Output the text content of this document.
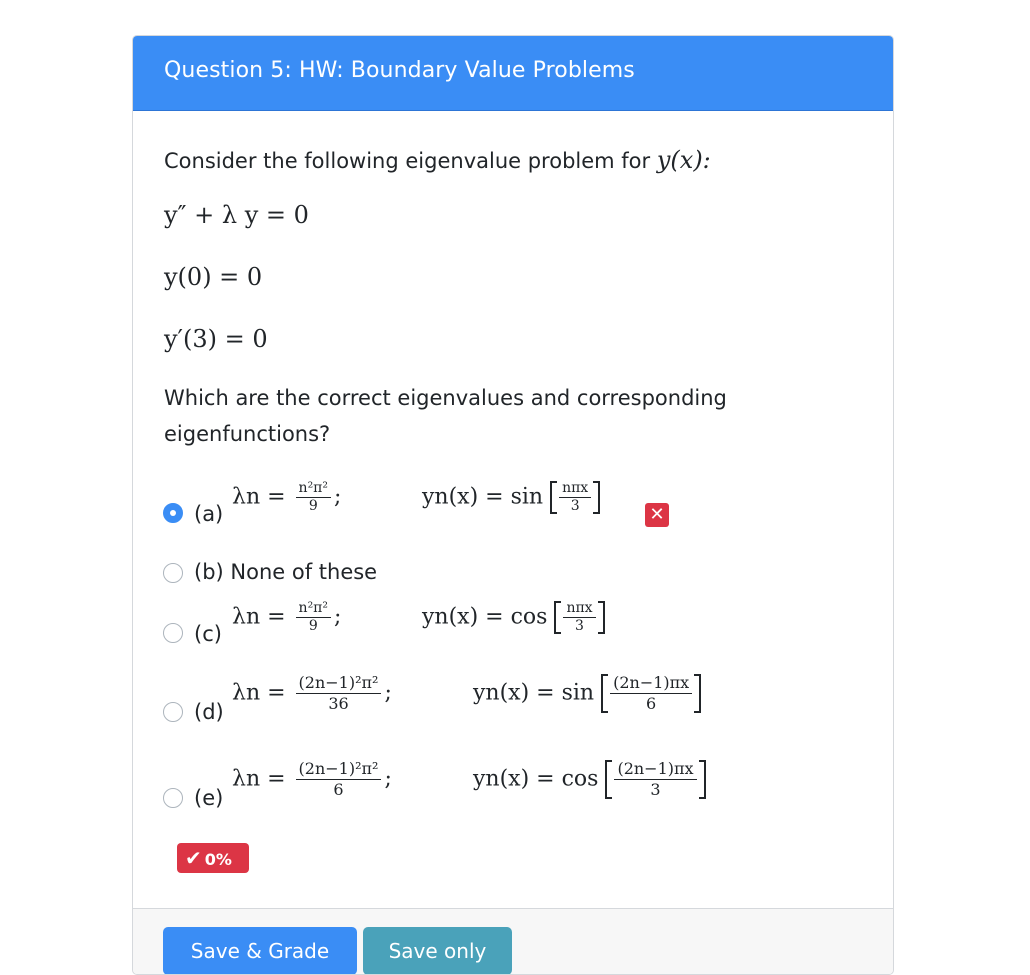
Question 5: HW: Boundary Value Problems
Consider the following eigenvalue problem for y(x):
y″ + λ y = 0
y(0) = 0
y′(3) = 0
Which are the correct eigenvalues and corresponding
eigenfunctions?
(a)
$\lambda n = \frac{\text{n²π²}}{9}$ ;	$yn(x) = \sin \frac{\text{nπx}}{3}$
✕
(b) None of these
(c)
$\lambda n = \frac{\text{n²π²}}{9}$ ;	$yn(x) = \cos \frac{\text{nπx}}{3}$
(d)
$\lambda n = \frac{\text{(2n−1)²π²}}{36}$ ;	$yn(x) = \sin \frac{(2n-1)\pi x}{6}$
(e)
$\lambda n = \frac{\text{(2n−1)²π²}}{6}$ ;	$yn(x) = \cos \frac{(2n-1)\pi x}{3}$
✔ 0%
Save & Grade	Save only
